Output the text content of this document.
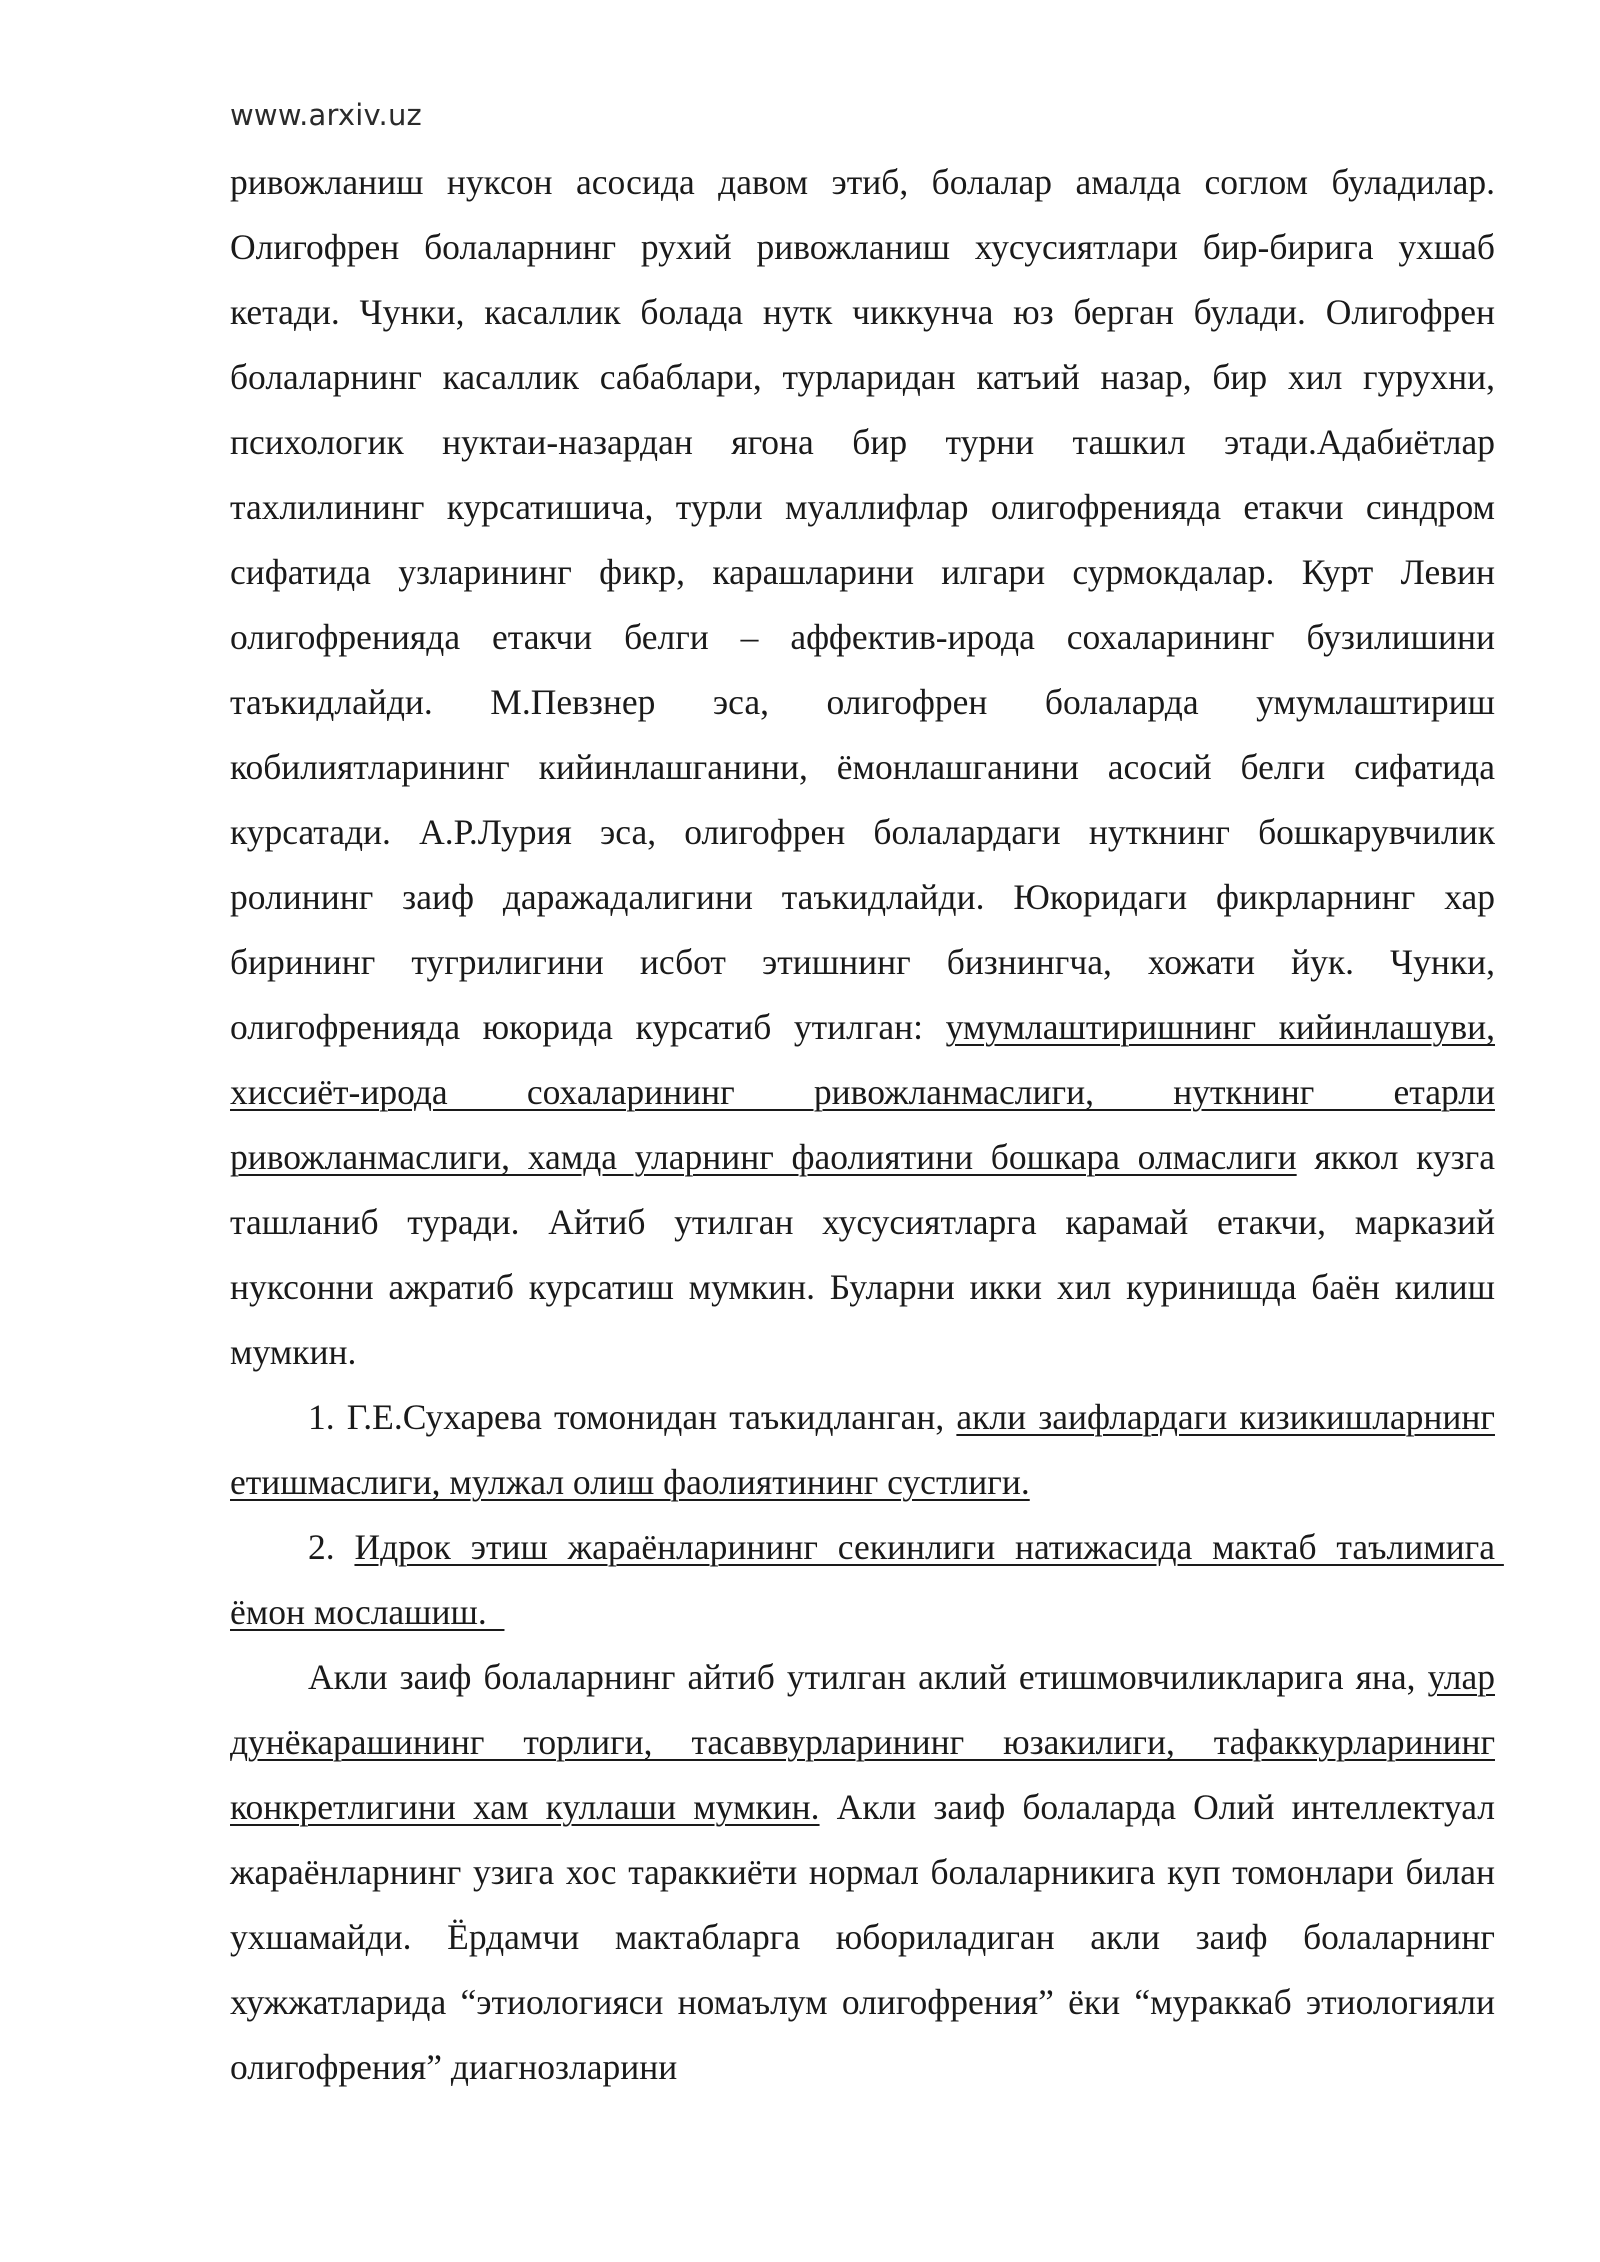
www.arxiv.uz

ривожланиш нуксон асосида давом этиб, болалар амалда соглом буладилар. Олигофрен болаларнинг рухий ривожланиш хусусиятлари бир-бирига ухшаб кетади. Чунки, касаллик болада нутк чиккунча юз берган булади. Олигофрен болаларнинг касаллик сабаблари, турларидан катъий назар, бир хил гурухни, психологик нуктаи-назардан ягона бир турни ташкил этади.Адабиётлар тахлилининг курсатишича, турли муаллифлар олигофренияда етакчи синдром сифатида узларининг фикр, карашларини илгари сурмокдалар. Курт Левин олигофренияда етакчи белги – аффектив-ирода сохаларининг бузилишини таъкидлайди. М.Певзнер эса, олигофрен болаларда умумлаштириш кобилиятларининг кийинлашганини, ёмонлашганини асосий белги сифатида курсатади. А.Р.Лурия эса, олигофрен болалардаги нуткнинг бошкарувчилик ролининг заиф даражадалигини таъкидлайди. Юкоридаги фикрларнинг хар бирининг тугрилигини исбот этишнинг бизнингча, хожати йук. Чунки, олигофренияда юкорида курсатиб утилган: умумлаштиришнинг кийинлашуви, хиссиёт-ирода сохаларининг ривожланмаслиги, нуткнинг етарли ривожланмаслиги, хамда уларнинг фаолиятини бошкара олмаслиги яккол кузга ташланиб туради. Айтиб утилган хусусиятларга карамай етакчи, марказий нуксонни ажратиб курсатиш мумкин. Буларни икки хил куринишда баён килиш мумкин.

1. Г.Е.Сухарева томонидан таъкидланган, акли заифлардаги кизикишларнинг етишмаслиги, мулжал олиш фаолиятининг сустлиги.

2. Идрок этиш жараёнларининг секинлиги натижасида мактаб таълимига ёмон мослашиш.

Акли заиф болаларнинг айтиб утилган аклий етишмовчиликларига яна, улар дунёкарашининг торлиги, тасаввурларининг юзакилиги, тафаккурларининг конкретлигини хам куллаши мумкин. Акли заиф болаларда Олий интеллектуал жараёнларнинг узига хос тараккиёти нормал болаларникига куп томонлари билан ухшамайди. Ёрдамчи мактабларга юбориладиган акли заиф болаларнинг хужжатларида “этиологияси номаълум олигофрения” ёки “мураккаб этиологияли олигофрения” диагнозларини
